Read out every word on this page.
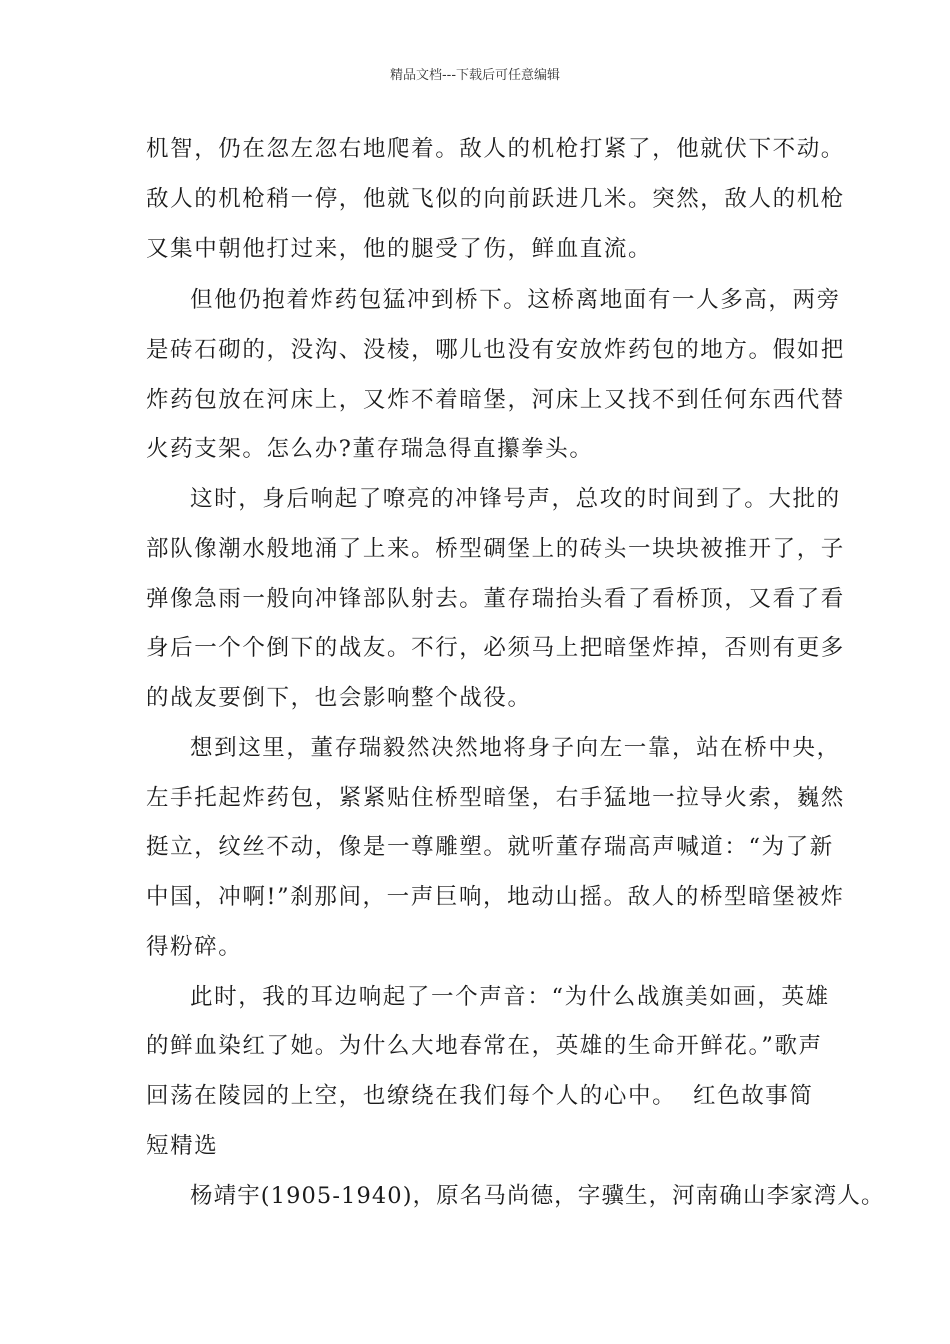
精品文档---下载后可任意编辑
机智，仍在忽左忽右地爬着。敌人的机枪打紧了，他就伏下不动。
敌人的机枪稍一停，他就飞似的向前跃进几米。突然，敌人的机枪
又集中朝他打过来，他的腿受了伤，鲜血直流。
但他仍抱着炸药包猛冲到桥下。这桥离地面有一人多高，两旁
是砖石砌的，没沟、没棱，哪儿也没有安放炸药包的地方。假如把
炸药包放在河床上，又炸不着暗堡，河床上又找不到任何东西代替
火药支架。怎么办?董存瑞急得直攥拳头。
这时，身后响起了嘹亮的冲锋号声，总攻的时间到了。大批的
部队像潮水般地涌了上来。桥型碉堡上的砖头一块块被推开了，子
弹像急雨一般向冲锋部队射去。董存瑞抬头看了看桥顶，又看了看
身后一个个倒下的战友。不行，必须马上把暗堡炸掉，否则有更多
的战友要倒下，也会影响整个战役。
想到这里，董存瑞毅然决然地将身子向左一靠，站在桥中央，
左手托起炸药包，紧紧贴住桥型暗堡，右手猛地一拉导火索，巍然
挺立，纹丝不动，像是一尊雕塑。就听董存瑞高声喊道：“为了新
中国，冲啊!”刹那间，一声巨响，地动山摇。敌人的桥型暗堡被炸
得粉碎。
此时，我的耳边响起了一个声音：“为什么战旗美如画，英雄
的鲜血染红了她。为什么大地春常在，英雄的生命开鲜花。”歌声
回荡在陵园的上空，也缭绕在我们每个人的心中。 红色故事简
短精选
杨靖宇(1905-1940)，原名马尚德，字骥生，河南确山李家湾人。
